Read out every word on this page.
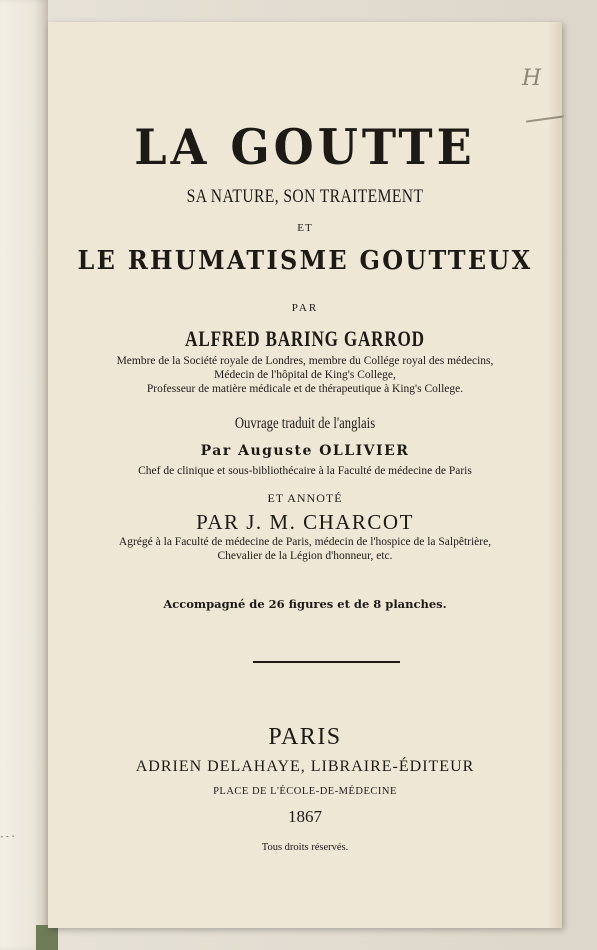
⁃ ⁃ ⁃
H
LA GOUTTE
SA NATURE, SON TRAITEMENT
ET
LE RHUMATISME GOUTTEUX
PAR
ALFRED BARING GARROD
Membre de la Société royale de Londres, membre du Collége royal des médecins,
Médecin de l'hôpital de King's College,
Professeur de matière médicale et de thérapeutique à King's College.
Ouvrage traduit de l'anglais
Par Auguste OLLIVIER
Chef de clinique et sous-bibliothécaire à la Faculté de médecine de Paris
ET ANNOTÉ
PAR J. M. CHARCOT
Agrégé à la Faculté de médecine de Paris, médecin de l'hospice de la Salpêtrière,
Chevalier de la Légion d'honneur, etc.
Accompagné de 26 figures et de 8 planches.
PARIS
ADRIEN DELAHAYE, LIBRAIRE-ÉDITEUR
PLACE DE L'ÉCOLE-DE-MÉDECINE
1867
Tous droits réservés.
